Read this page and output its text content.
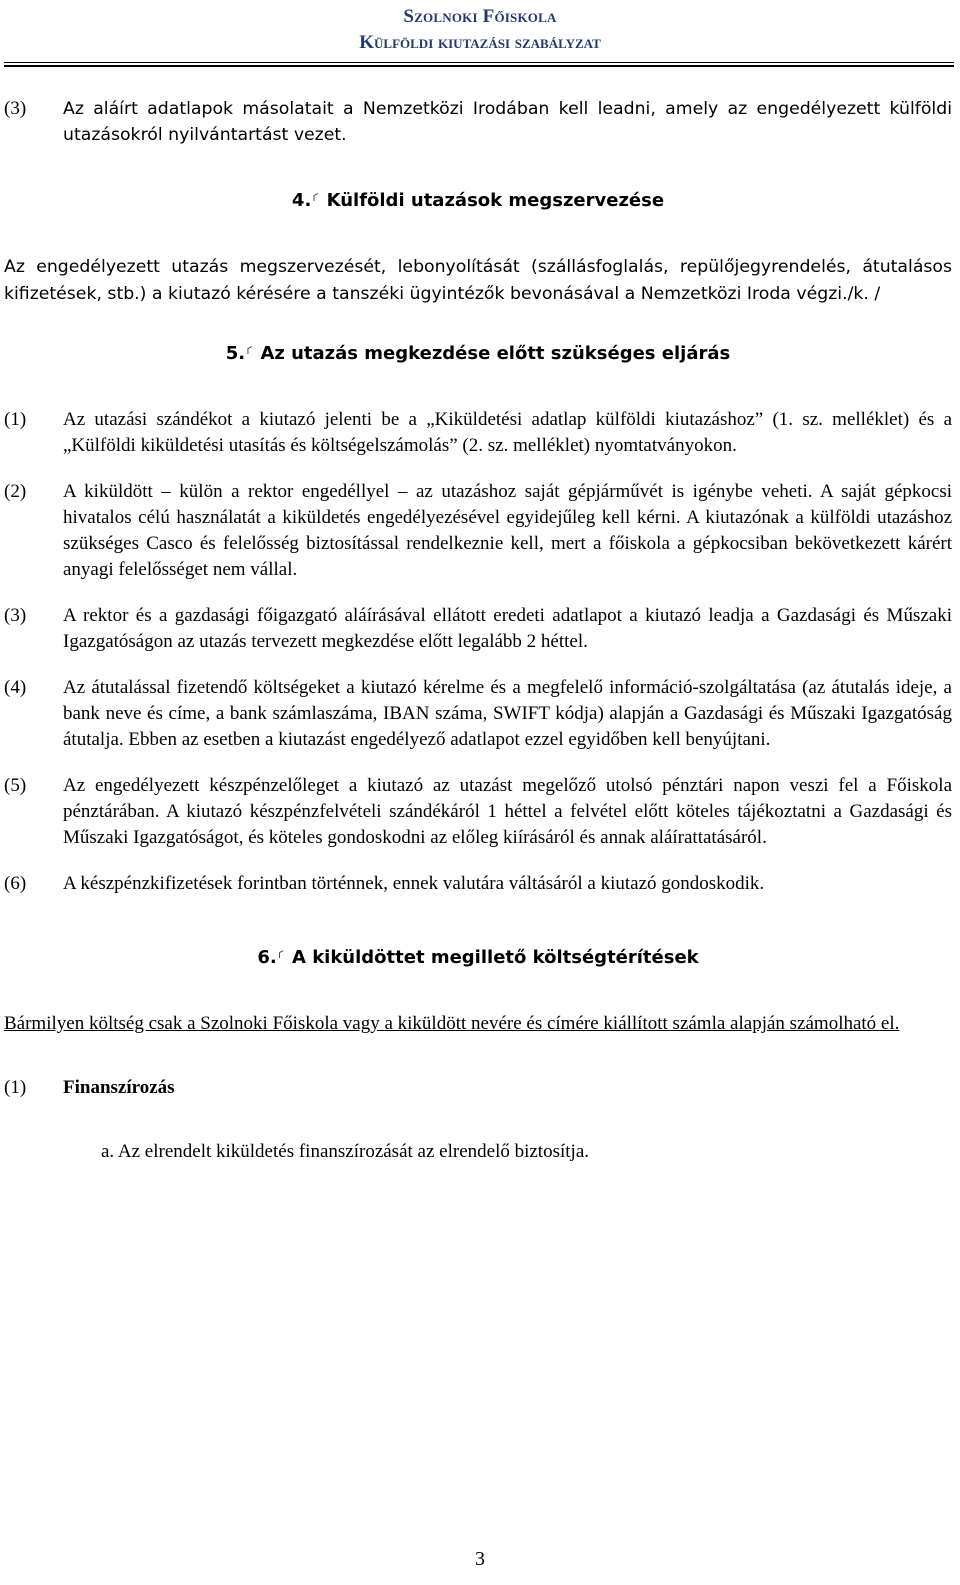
Szolnoki Főiskola
Külföldi kiutazási szabályzat
(3)	Az aláírt adatlapok másolatait a Nemzetközi Irodában kell leadni, amely az engedélyezett külföldi utazásokról nyilvántartást vezet.
4.⸂ Külföldi utazások megszervezése

Az engedélyezett utazás megszervezését, lebonyolítását (szállásfoglalás, repülőjegyrendelés, átutalásos kifizetések, stb.) a kiutazó kérésére a tanszéki ügyintézők bevonásával a Nemzetközi Iroda végzi./k. /

5.⸂ Az utazás megkezdése előtt szükséges eljárás
(1)	Az utazási szándékot a kiutazó jelenti be a „Kiküldetési adatlap külföldi kiutazáshoz” (1. sz. melléklet) és a „Külföldi kiküldetési utasítás és költségelszámolás” (2. sz. melléklet) nyomtatványokon.
(2)	A kiküldött – külön a rektor engedéllyel – az utazáshoz saját gépjárművét is igénybe veheti. A saját gépkocsi hivatalos célú használatát a kiküldetés engedélyezésével egyidejűleg kell kérni. A kiutazónak a külföldi utazáshoz szükséges Casco és felelősség biztosítással rendelkeznie kell, mert a főiskola a gépkocsiban bekövetkezett kárért anyagi felelősséget nem vállal.
(3)	A rektor és a gazdasági főigazgató aláírásával ellátott eredeti adatlapot a kiutazó leadja a Gazdasági és Műszaki Igazgatóságon az utazás tervezett megkezdése előtt legalább 2 héttel.
(4)	Az átutalással fizetendő költségeket a kiutazó kérelme és a megfelelő információ-szolgáltatása (az átutalás ideje, a bank neve és címe, a bank számlaszáma, IBAN száma, SWIFT kódja) alapján a Gazdasági és Műszaki Igazgatóság átutalja. Ebben az esetben a kiutazást engedélyező adatlapot ezzel egyidőben kell benyújtani.
(5)	Az engedélyezett készpénzelőleget a kiutazó az utazást megelőző utolsó pénztári napon veszi fel a Főiskola pénztárában. A kiutazó készpénzfelvételi szándékáról 1 héttel a felvétel előtt köteles tájékoztatni a Gazdasági és Műszaki Igazgatóságot, és köteles gondoskodni az előleg kiírásáról és annak aláírattatásáról.
(6)	A készpénzkifizetések forintban történnek, ennek valutára váltásáról a kiutazó gondoskodik.
6.⸂ A kiküldöttet megillető költségtérítések

Bármilyen költség csak a Szolnoki Főiskola vagy a kiküldött nevére és címére kiállított számla alapján számolható el.

(1)	Finanszírozás

a. Az elrendelt kiküldetés finanszírozását az elrendelő biztosítja.

3
